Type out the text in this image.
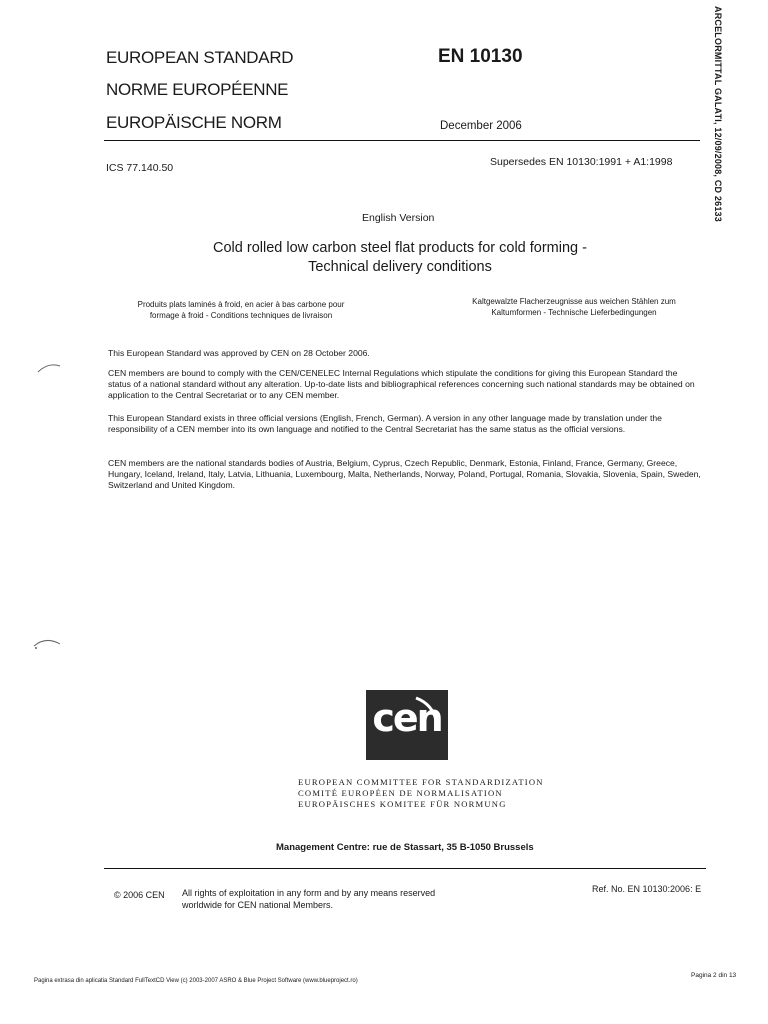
EUROPEAN STANDARD
NORME EUROPÉENNE
EUROPÄISCHE NORM
EN 10130
December 2006	ARCELORMITTAL GALATI, 12/09/2008, CD 26133
ICS 77.140.50	Supersedes EN 10130:1991 + A1:1998
English Version
Cold rolled low carbon steel flat products for cold forming -
Technical delivery conditions
Produits plats laminés à froid, en acier à bas carbone pour
formage à froid - Conditions techniques de livraison
Kaltgewalzte Flacherzeugnisse aus weichen Stählen zum
Kaltumformen - Technische Lieferbedingungen
This European Standard was approved by CEN on 28 October 2006.
CEN members are bound to comply with the CEN/CENELEC Internal Regulations which stipulate the conditions for giving this European Standard the status of a national standard without any alteration. Up-to-date lists and bibliographical references concerning such national standards may be obtained on application to the Central Secretariat or to any CEN member.
This European Standard exists in three official versions (English, French, German). A version in any other language made by translation under the responsibility of a CEN member into its own language and notified to the Central Secretariat has the same status as the official versions.
CEN members are the national standards bodies of Austria, Belgium, Cyprus, Czech Republic, Denmark, Estonia, Finland, France, Germany, Greece, Hungary, Iceland, Ireland, Italy, Latvia, Lithuania, Luxembourg, Malta, Netherlands, Norway, Poland, Portugal, Romania, Slovakia, Slovenia, Spain, Sweden, Switzerland and United Kingdom.
cen
EUROPEAN COMMITTEE FOR STANDARDIZATION
COMITÉ EUROPÉEN DE NORMALISATION
EUROPÄISCHES KOMITEE FÜR NORMUNG
Management Centre: rue de Stassart, 35 B-1050 Brussels
© 2006 CEN All rights of exploitation in any form and by any means reserved
worldwide for CEN national Members.
Ref. No. EN 10130:2006: E
Pagina extrasa din aplicatia Standard FullTextCD View (c) 2003-2007 ASRO & Blue Project Software (www.blueproject.ro)
Pagina 2 din 13
